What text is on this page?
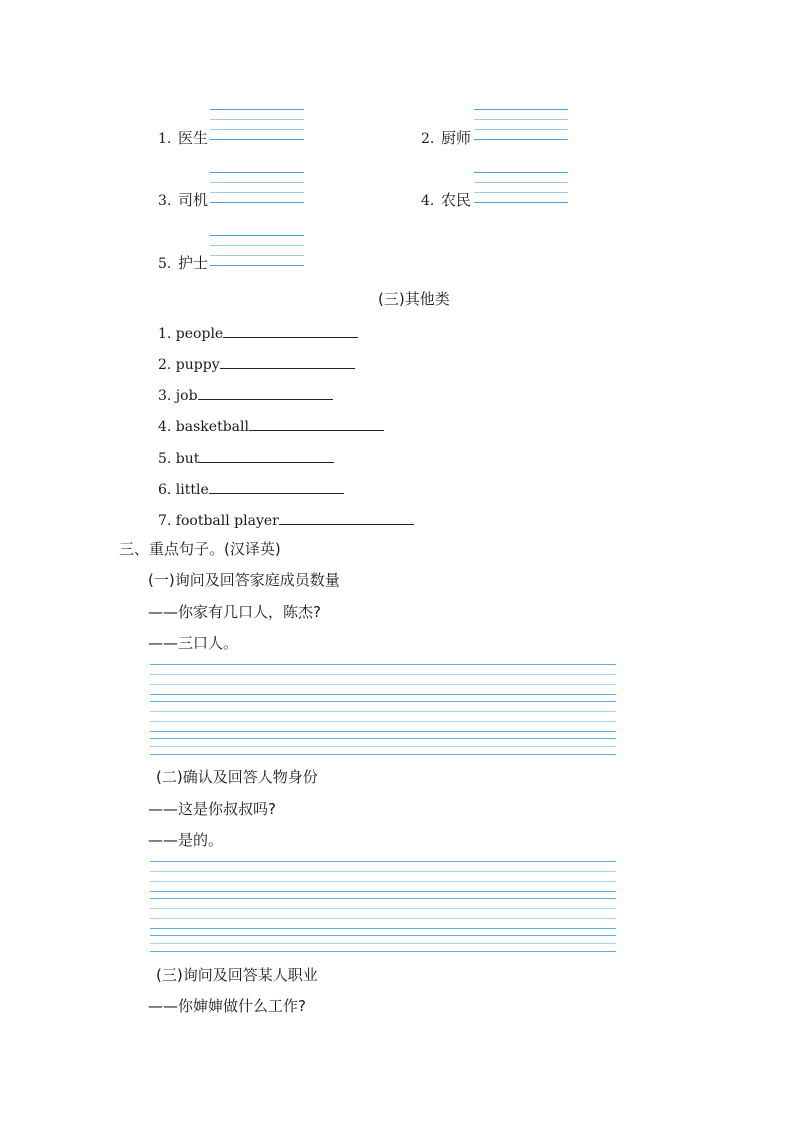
1. 医生	2. 厨师
3. 司机	4. 农民
5. 护士
(三)其他类
1. people
2. puppy
3. job
4. basketball
5. but
6. little
7. football player
三、重点句子。(汉译英)
(一)询问及回答家庭成员数量
——你家有几口人，陈杰?
——三口人。
(二)确认及回答人物身份
——这是你叔叔吗?
——是的。
(三)询问及回答某人职业
——你婶婶做什么工作?
